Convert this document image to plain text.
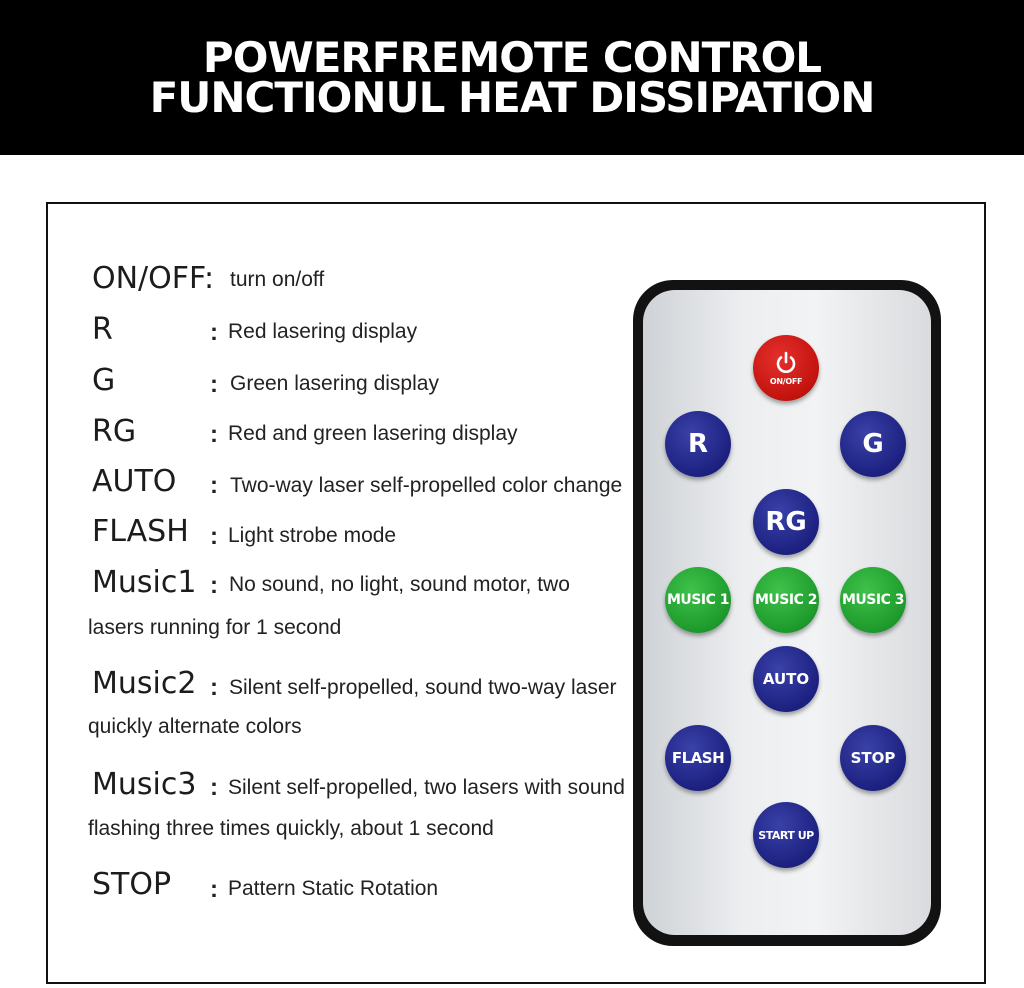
POWERFREMOTE CONTROL
FUNCTIONUL HEAT DISSIPATION
ON/OFF: turn on/off
R	: Red lasering display
G	: Green lasering display
RG	: Red and green lasering display
AUTO : Two-way laser self-propelled color change
FLASH : Light strobe mode
Music1 : No sound, no light, sound motor, two
lasers running for 1 second
Music2 : Silent self-propelled, sound two-way laser
quickly alternate colors
Music3 : Silent self-propelled, two lasers with sound
flashing three times quickly, about 1 second
STOP : Pattern Static Rotation
ON/OFF
R	G
RG
MUSIC 1 MUSIC 2 MUSIC 3
AUTO
FLASH	STOP
START UP
